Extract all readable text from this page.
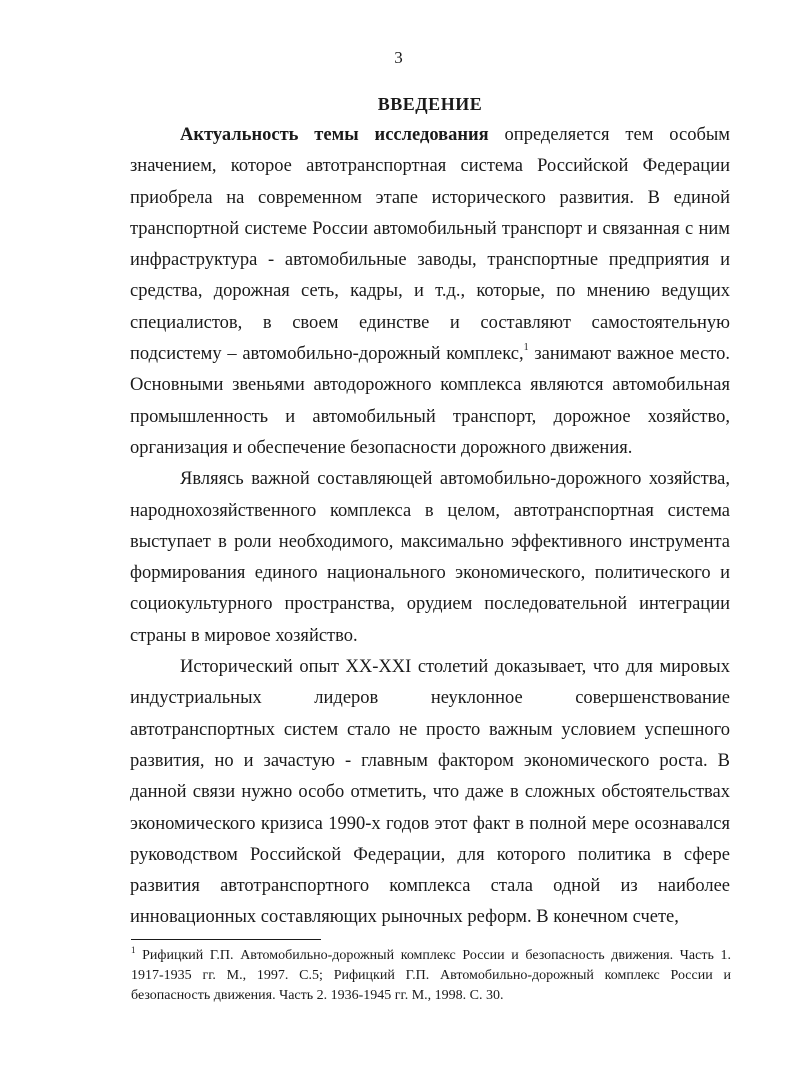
3
ВВЕДЕНИЕ

Актуальность темы исследования определяется тем особым значением, которое автотранспортная система Российской Федерации приобрела на современном этапе исторического развития. В единой транспортной системе России автомобильный транспорт и связанная с ним инфраструктура - автомобильные заводы, транспортные предприятия и средства, дорожная сеть, кадры, и т.д., которые, по мнению ведущих специалистов, в своем единстве и составляют самостоятельную подсистему – автомобильно-дорожный комплекс,$^1$ занимают важное место. Основными звеньями автодорожного комплекса являются автомобильная промышленность и автомобильный транспорт, дорожное хозяйство, организация и обеспечение безопасности дорожного движения.

Являясь важной составляющей автомобильно-дорожного хозяйства, народнохозяйственного комплекса в целом, автотранспортная система выступает в роли необходимого, максимально эффективного инструмента формирования единого национального экономического, политического и социокультурного пространства, орудием последовательной интеграции страны в мировое хозяйство.

Исторический опыт XX-XXI столетий доказывает, что для мировых индустриальных лидеров неуклонное совершенствование автотранспортных систем стало не просто важным условием успешного развития, но и зачастую - главным фактором экономического роста. В данной связи нужно особо отметить, что даже в сложных обстоятельствах экономического кризиса 1990-х годов этот факт в полной мере осознавался руководством Российской Федерации, для которого политика в сфере развития автотранспортного комплекса стала одной из наиболее инновационных составляющих рыночных реформ. В конечном счете,

$^1$ Рифицкий Г.П. Автомобильно-дорожный комплекс России и безопасность движения. Часть 1. 1917-1935 гг. М., 1997. С.5; Рифицкий Г.П. Автомобильно-дорожный комплекс России и безопасность движения. Часть 2. 1936-1945 гг. М., 1998. С. 30.
